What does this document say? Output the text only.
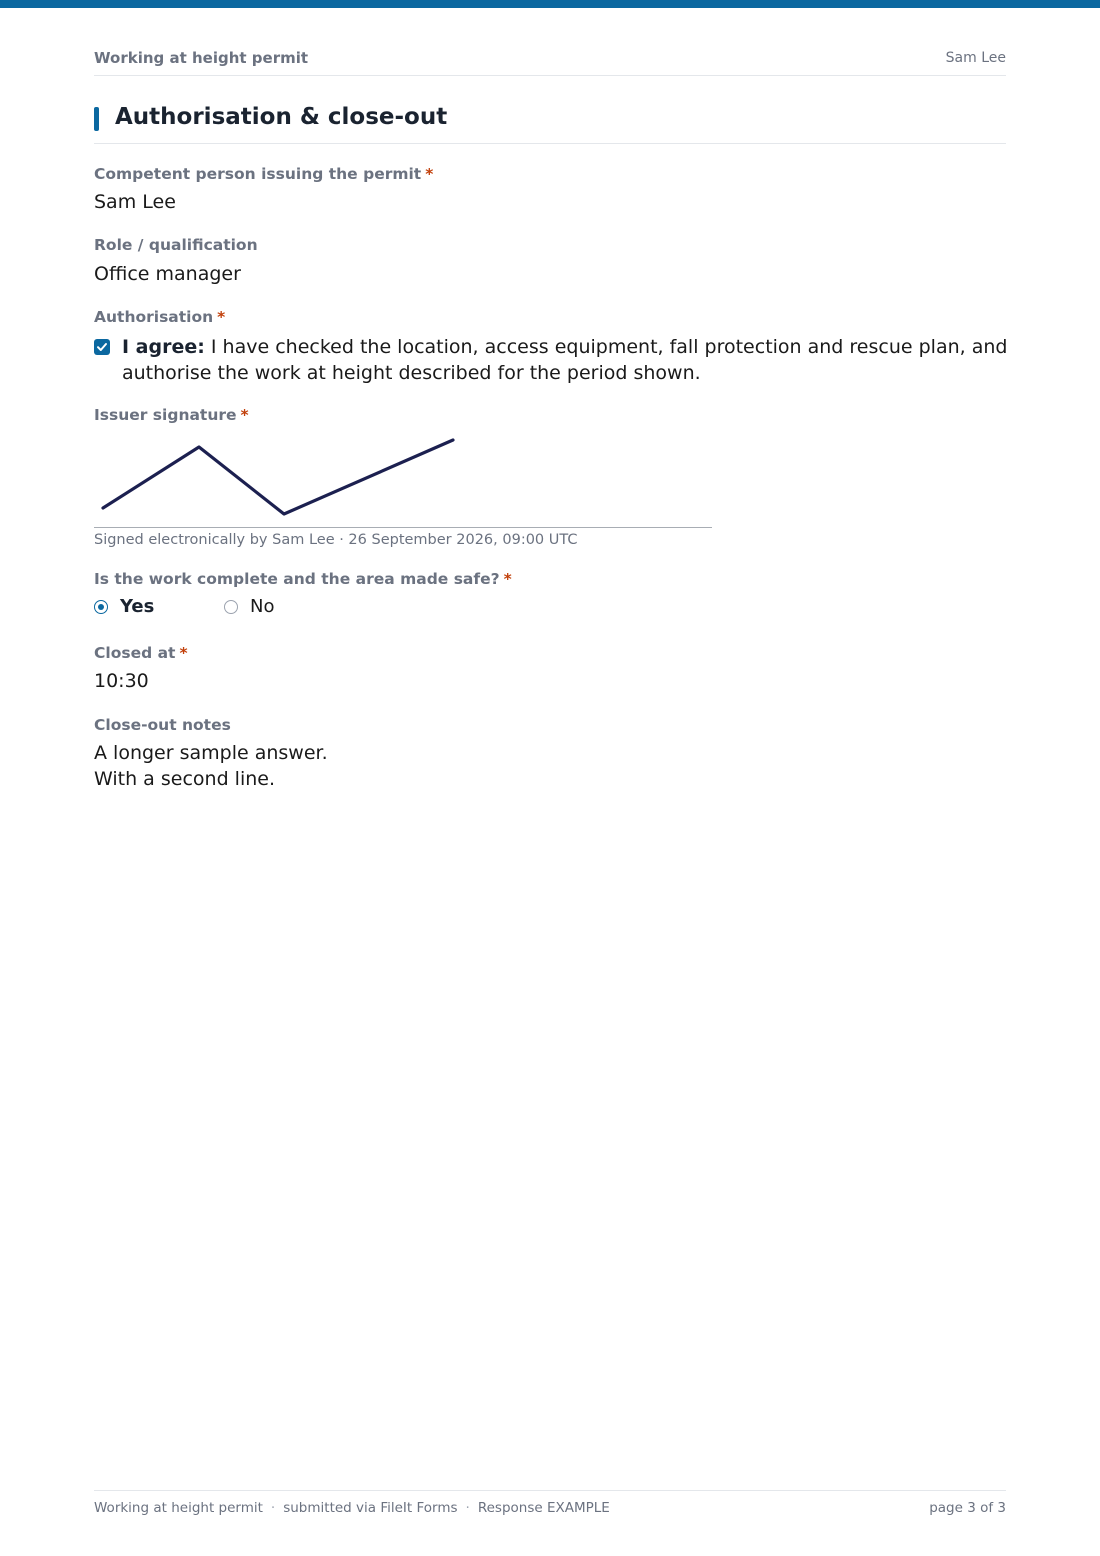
Working at height permit	Sam Lee
Authorisation & close-out
Competent person issuing the permit *
Sam Lee
Role / qualification
Office manager
Authorisation *
I agree: I have checked the location, access equipment, fall protection and rescue plan, and authorise the work at height described for the period shown.
Issuer signature *
Signed electronically by Sam Lee · 26 September 2026, 09:00 UTC
Is the work complete and the area made safe? *
Yes	No
Closed at *
10:30
Close-out notes
A longer sample answer.
With a second line.
Working at height permit · submitted via FileIt Forms · Response EXAMPLE	page 3 of 3
